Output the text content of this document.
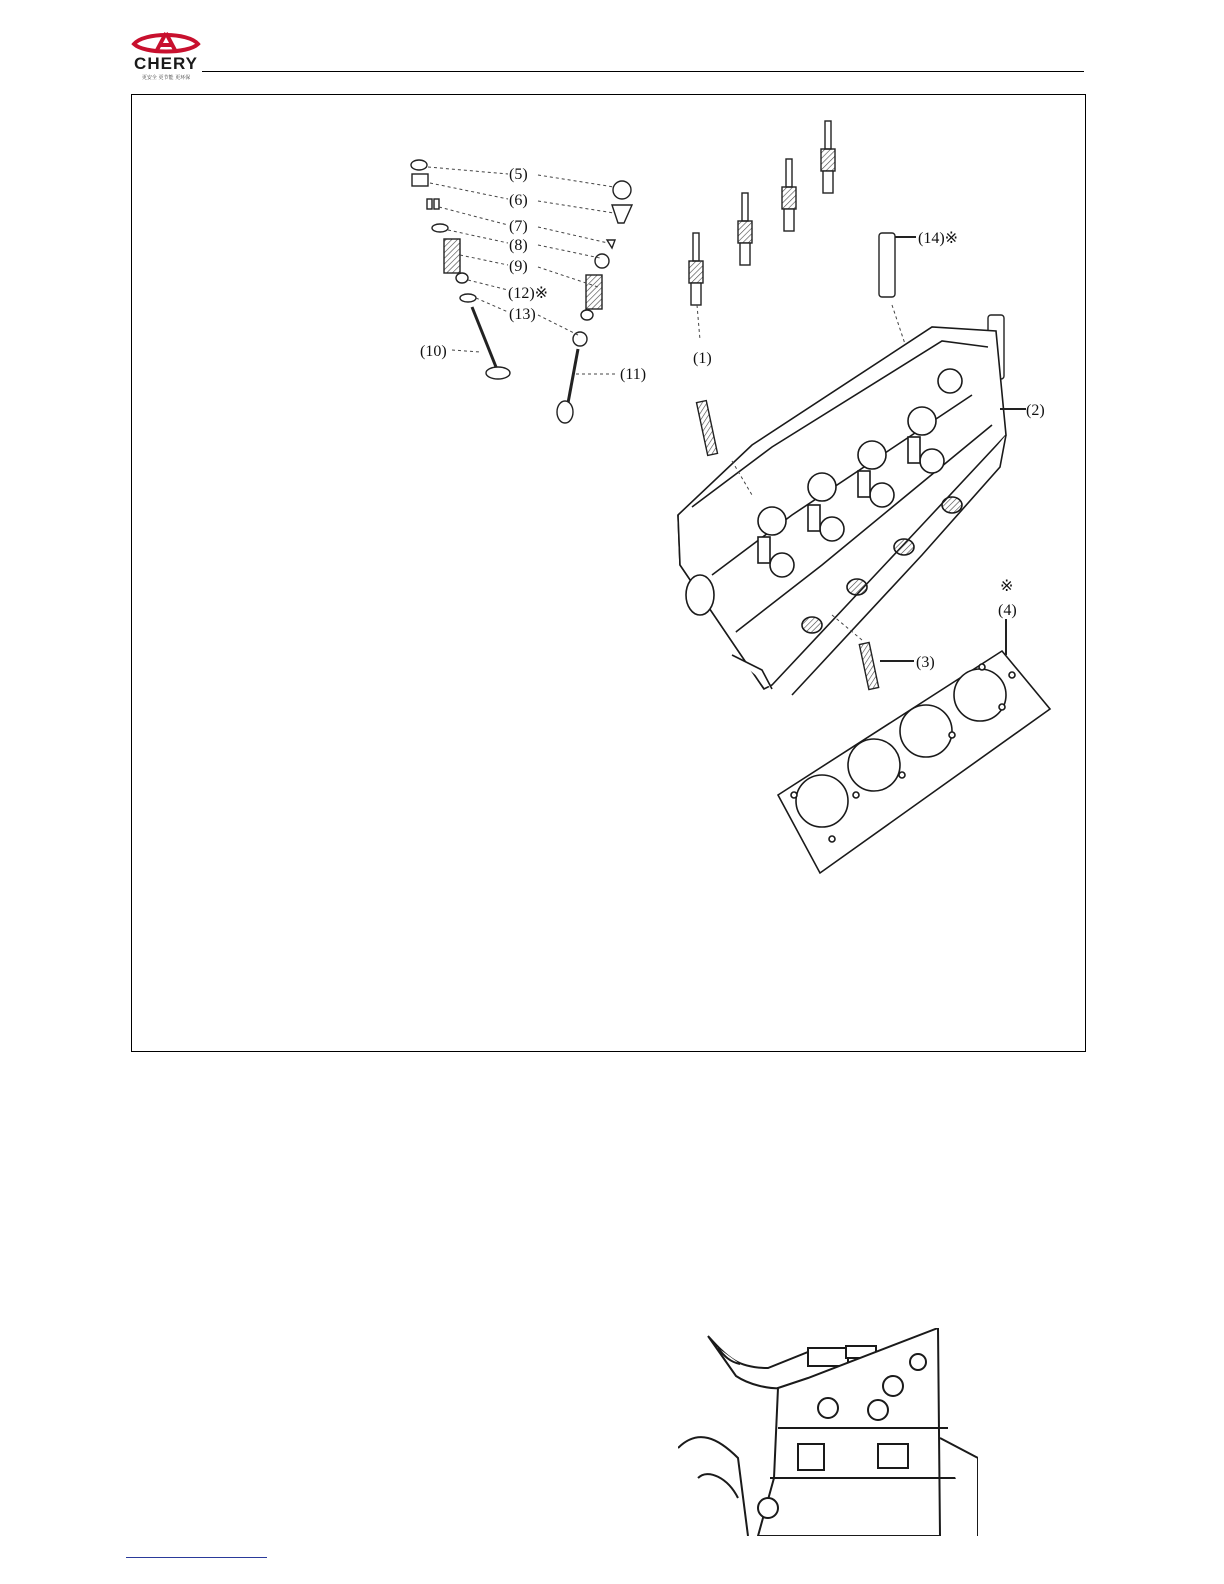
CHERY
更安全 更节能 更环保
(1)
(2)
(3)
(4)
※
(5)
(6)
(7)
(8)
(9)
(10)
(11)
(12)※
(13)
(14)※
